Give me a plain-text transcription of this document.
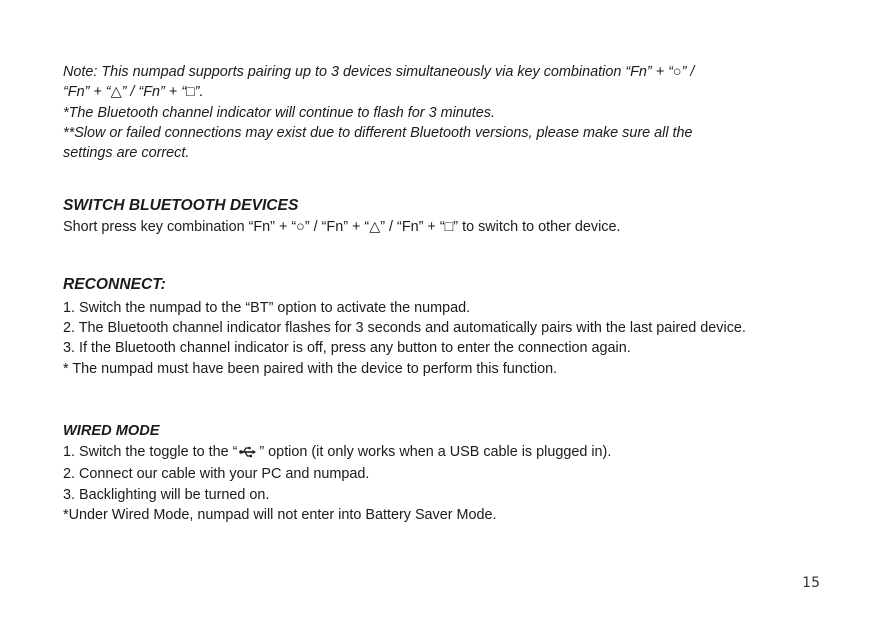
Note: This numpad supports pairing up to 3 devices simultaneously via key combination “Fn” + “○” /
“Fn” + “△” / “Fn” + “□”.
*The Bluetooth channel indicator will continue to flash for 3 minutes.
**Slow or failed connections may exist due to different Bluetooth versions, please make sure all the
settings are correct.
SWITCH BLUETOOTH DEVICES
Short press key combination “Fn” + “○” / “Fn” + “△” / “Fn” + “□” to switch to other device.
RECONNECT:
1. Switch the numpad to the “BT” option to activate the numpad.
2. The Bluetooth channel indicator flashes for 3 seconds and automatically pairs with the last paired device.
3. If the Bluetooth channel indicator is off, press any button to enter the connection again.
* The numpad must have been paired with the device to perform this function.
WIRED MODE
1. Switch the toggle to the “ ” option (it only works when a USB cable is plugged in).
2. Connect our cable with your PC and numpad.
3. Backlighting will be turned on.
*Under Wired Mode, numpad will not enter into Battery Saver Mode.
15
